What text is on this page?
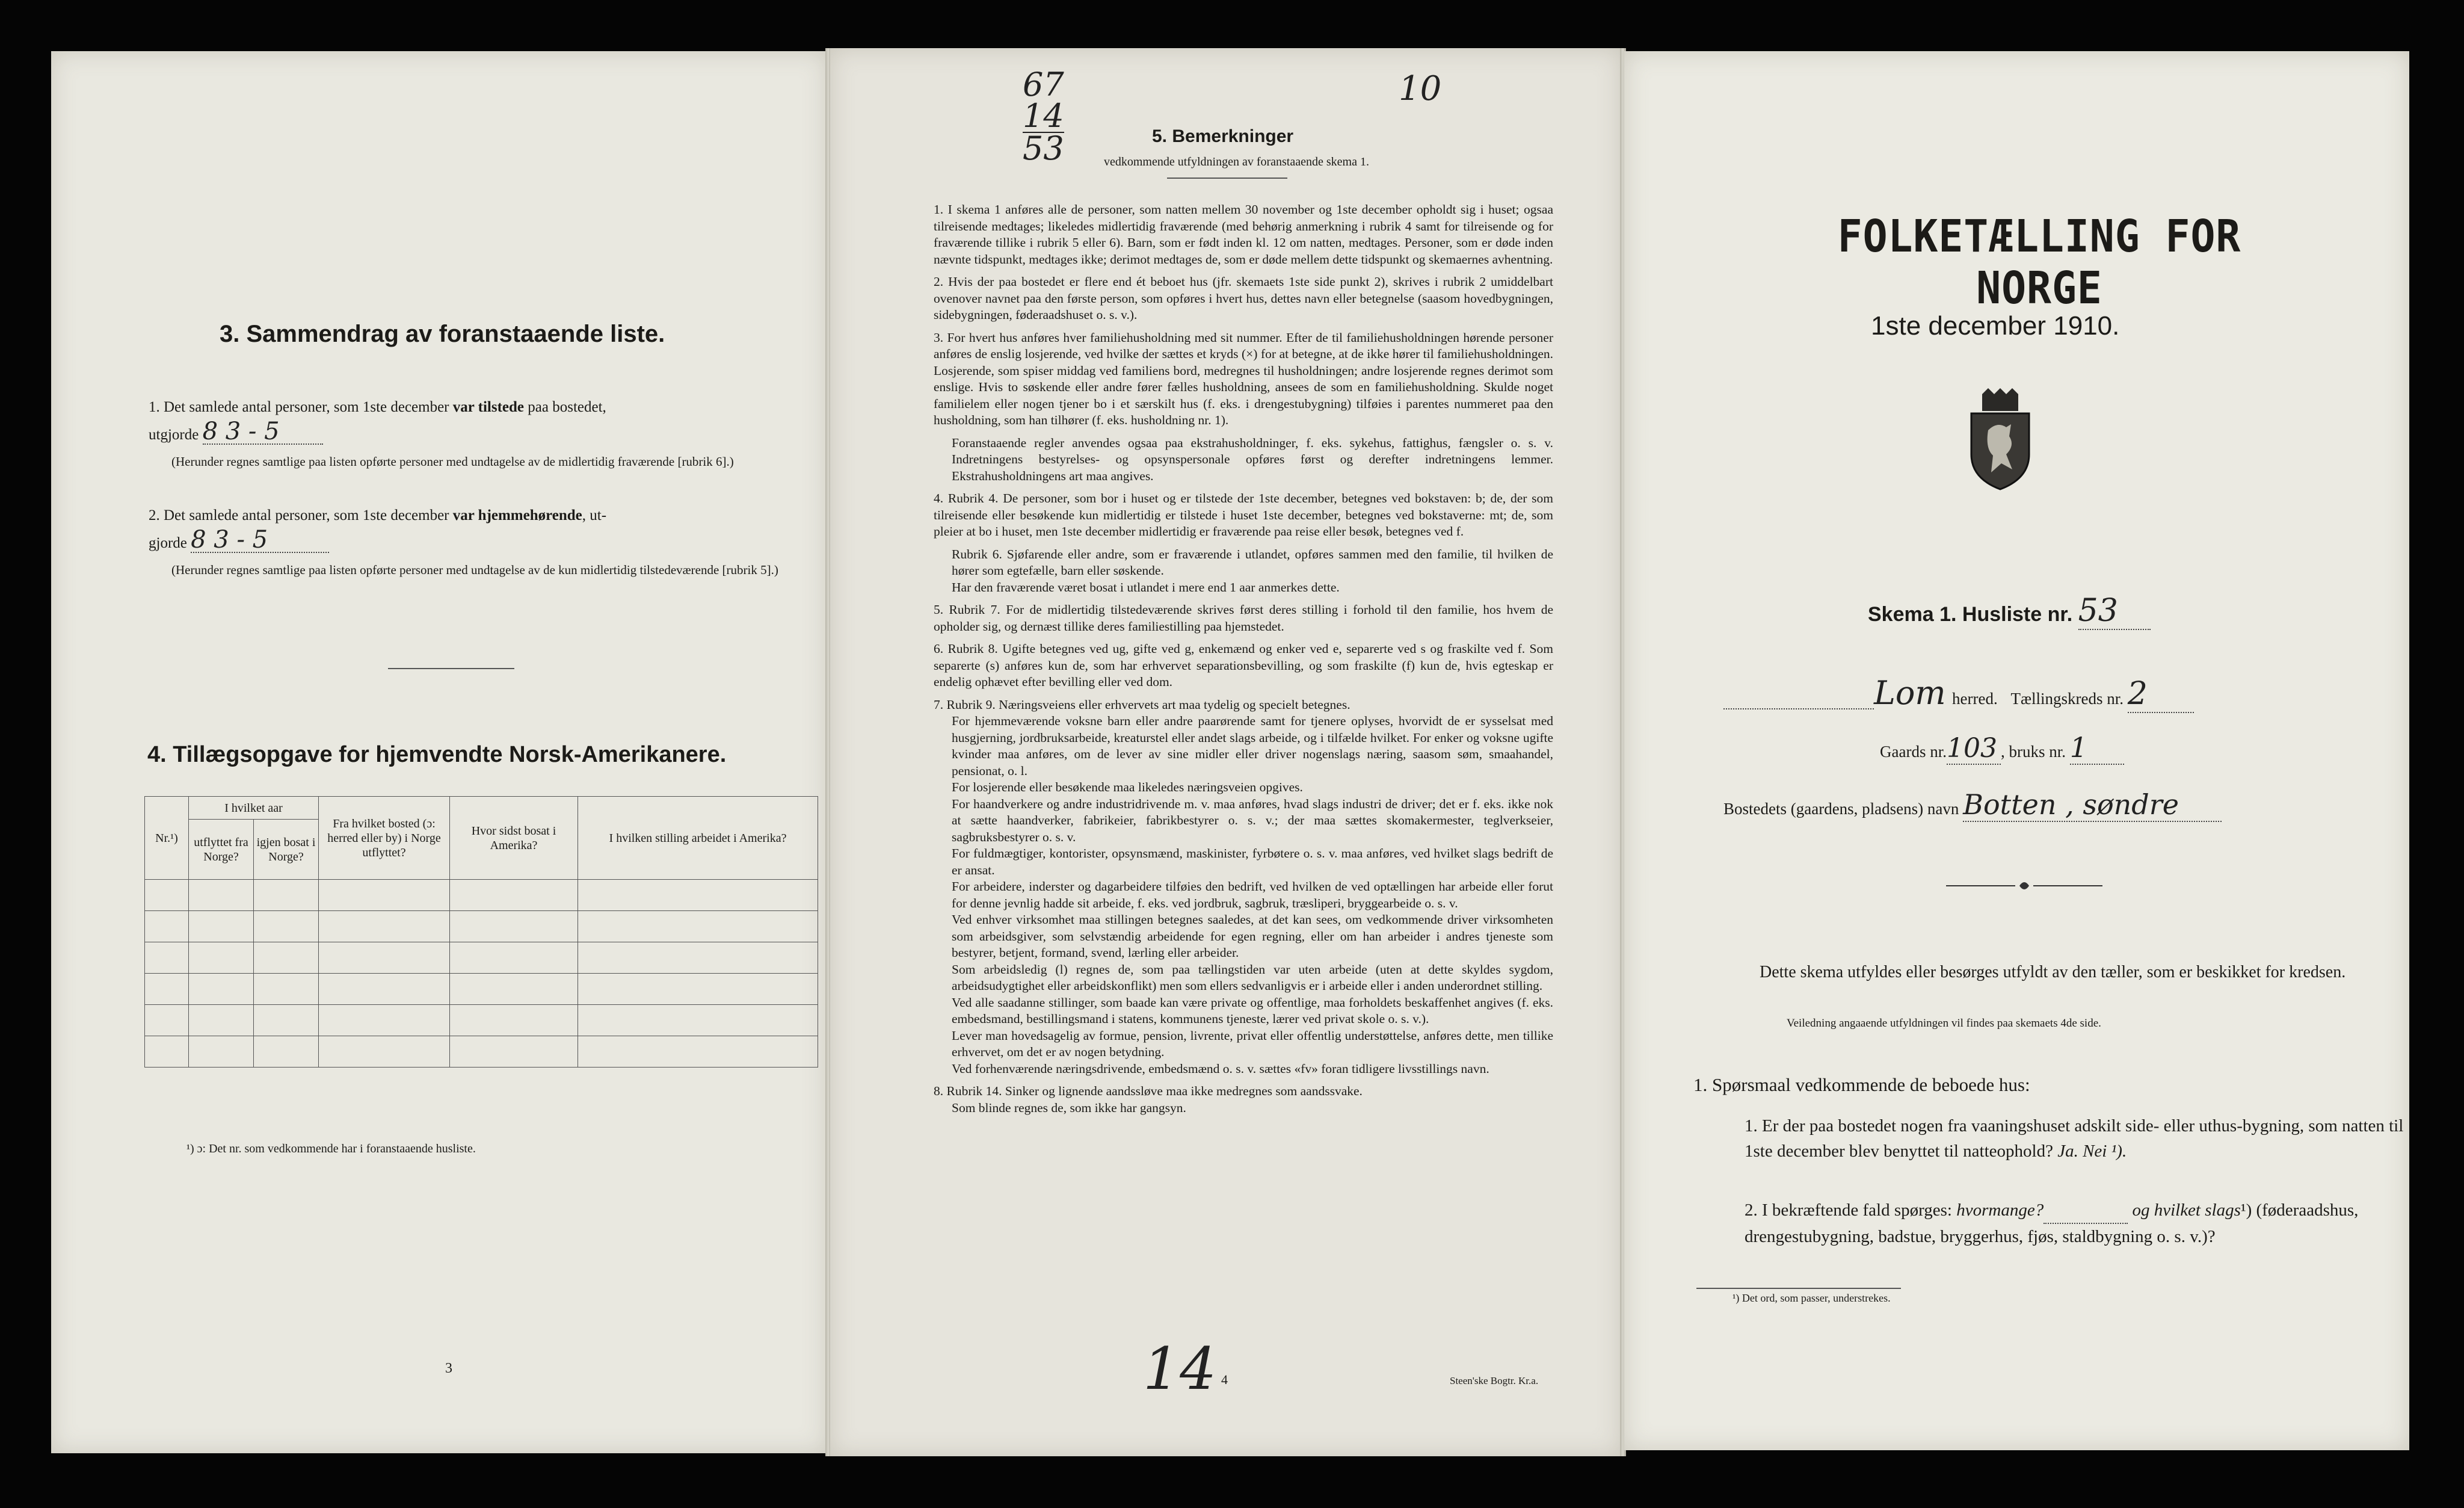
3. Sammendrag av foranstaaende liste.

1. Det samlede antal personer, som 1ste december var tilstede paa bostedet,
utgjorde 8 3 - 5

(Herunder regnes samtlige paa listen opførte personer med undtagelse av de midlertidig fraværende [rubrik 6].)

2. Det samlede antal personer, som 1ste december var hjemmehørende, ut-
gjorde 8 3 - 5

(Herunder regnes samtlige paa listen opførte personer med undtagelse av de kun midlertidig tilstedeværende [rubrik 5].)

4. Tillægsopgave for hjemvendte Norsk-Amerikanere.

Nr.¹)	I hvilket aar		Fra hvilket bosted (ɔ: herred eller by) i Norge utflyttet?	Hvor sidst bosat i Amerika?	I hvilken stilling arbeidet i Amerika?
	utflyttet fra Norge?	igjen bosat i Norge?			

¹) ɔ: Det nr. som vedkommende har i foranstaaende husliste.

3

67
14
53

10

5. Bemerkninger

vedkommende utfyldningen av foranstaaende skema 1.

1. I skema 1 anføres alle de personer, som natten mellem 30 november og 1ste december opholdt sig i huset; ogsaa tilreisende medtages; likeledes midlertidig fraværende (med behørig anmerkning i rubrik 4 samt for tilreisende og for fraværende tillike i rubrik 5 eller 6). Barn, som er født inden kl. 12 om natten, medtages. Personer, som er døde inden nævnte tidspunkt, medtages ikke; derimot medtages de, som er døde mellem dette tidspunkt og skemaernes avhentning.

2. Hvis der paa bostedet er flere end ét beboet hus (jfr. skemaets 1ste side punkt 2), skrives i rubrik 2 umiddelbart ovenover navnet paa den første person, som opføres i hvert hus, dettes navn eller betegnelse (saasom hovedbygningen, sidebygningen, føderaadshuset o. s. v.).

3. For hvert hus anføres hver familiehusholdning med sit nummer. Efter de til familiehusholdningen hørende personer anføres de enslig losjerende, ved hvilke der sættes et kryds (×) for at betegne, at de ikke hører til familiehusholdningen. Losjerende, som spiser middag ved familiens bord, medregnes til husholdningen; andre losjerende regnes derimot som enslige. Hvis to søskende eller andre fører fælles husholdning, ansees de som en familiehusholdning. Skulde noget familielem eller nogen tjener bo i et særskilt hus (f. eks. i drengestubygning) tilføies i parentes nummeret paa den husholdning, som han tilhører (f. eks. husholdning nr. 1).

Foranstaaende regler anvendes ogsaa paa ekstrahusholdninger, f. eks. sykehus, fattighus, fængsler o. s. v. Indretningens bestyrelses- og opsynspersonale opføres først og derefter indretningens lemmer. Ekstrahusholdningens art maa angives.

4. Rubrik 4. De personer, som bor i huset og er tilstede der 1ste december, betegnes ved bokstaven: b; de, der som tilreisende eller besøkende kun midlertidig er tilstede i huset 1ste december, betegnes ved bokstaverne: mt; de, som pleier at bo i huset, men 1ste december midlertidig er fraværende paa reise eller besøk, betegnes ved f.

Rubrik 6. Sjøfarende eller andre, som er fraværende i utlandet, opføres sammen med den familie, til hvilken de hører som egtefælle, barn eller søskende.

Har den fraværende været bosat i utlandet i mere end 1 aar anmerkes dette.

5. Rubrik 7. For de midlertidig tilstedeværende skrives først deres stilling i forhold til den familie, hos hvem de opholder sig, og dernæst tillike deres familiestilling paa hjemstedet.

6. Rubrik 8. Ugifte betegnes ved ug, gifte ved g, enkemænd og enker ved e, separerte ved s og fraskilte ved f. Som separerte (s) anføres kun de, som har erhvervet separationsbevilling, og som fraskilte (f) kun de, hvis egteskap er endelig ophævet efter bevilling eller ved dom.

7. Rubrik 9. Næringsveiens eller erhvervets art maa tydelig og specielt betegnes.

For hjemmeværende voksne barn eller andre paarørende samt for tjenere oplyses, hvorvidt de er sysselsat med husgjerning, jordbruksarbeide, kreaturstel eller andet slags arbeide, og i tilfælde hvilket. For enker og voksne ugifte kvinder maa anføres, om de lever av sine midler eller driver nogenslags næring, saasom søm, smaahandel, pensionat, o. l.

For losjerende eller besøkende maa likeledes næringsveien opgives.

For haandverkere og andre industridrivende m. v. maa anføres, hvad slags industri de driver; det er f. eks. ikke nok at sætte haandverker, fabrikeier, fabrikbestyrer o. s. v.; der maa sættes skomakermester, teglverkseier, sagbruksbestyrer o. s. v.

For fuldmægtiger, kontorister, opsynsmænd, maskinister, fyrbøtere o. s. v. maa anføres, ved hvilket slags bedrift de er ansat.

For arbeidere, inderster og dagarbeidere tilføies den bedrift, ved hvilken de ved optællingen har arbeide eller forut for denne jevnlig hadde sit arbeide, f. eks. ved jordbruk, sagbruk, træsliperi, bryggearbeide o. s. v.

Ved enhver virksomhet maa stillingen betegnes saaledes, at det kan sees, om vedkommende driver virksomheten som arbeidsgiver, som selvstændig arbeidende for egen regning, eller om han arbeider i andres tjeneste som bestyrer, betjent, formand, svend, lærling eller arbeider.

Som arbeidsledig (l) regnes de, som paa tællingstiden var uten arbeide (uten at dette skyldes sygdom, arbeidsudygtighet eller arbeidskonflikt) men som ellers sedvanligvis er i arbeide eller i anden underordnet stilling.

Ved alle saadanne stillinger, som baade kan være private og offentlige, maa forholdets beskaffenhet angives (f. eks. embedsmand, bestillingsmand i statens, kommunens tjeneste, lærer ved privat skole o. s. v.).

Lever man hovedsagelig av formue, pension, livrente, privat eller offentlig understøttelse, anføres dette, men tillike erhvervet, om det er av nogen betydning.

Ved forhenværende næringsdrivende, embedsmænd o. s. v. sættes «fv» foran tidligere livsstillings navn.

8. Rubrik 14. Sinker og lignende aandssløve maa ikke medregnes som aandssvake.

Som blinde regnes de, som ikke har gangsyn.

14 4	Steen'ske Bogtr. Kr.a.

FOLKETÆLLING FOR NORGE

1ste december 1910.

Skema 1. Husliste nr. 53

Lom herred. Tællingskreds nr. 2
Gaards nr.103 , bruks nr. 1
Bostedets (gaardens, pladsens) navn Botten , søndre

Dette skema utfyldes eller besørges utfyldt av den tæller, som er beskikket for kredsen.

Veiledning angaaende utfyldningen vil findes paa skemaets 4de side.

1. Spørsmaal vedkommende de beboede hus:

1. Er der paa bostedet nogen fra vaaningshuset adskilt side- eller uthus-bygning, som natten til 1ste december blev benyttet til natteophold? Ja. Nei ¹).
2. I bekræftende fald spørges: hvormange?	og hvilket slags¹) (føderaadshus, drengestubygning, badstue, bryggerhus, fjøs, staldbygning o. s. v.)?

¹) Det ord, som passer, understrekes.
